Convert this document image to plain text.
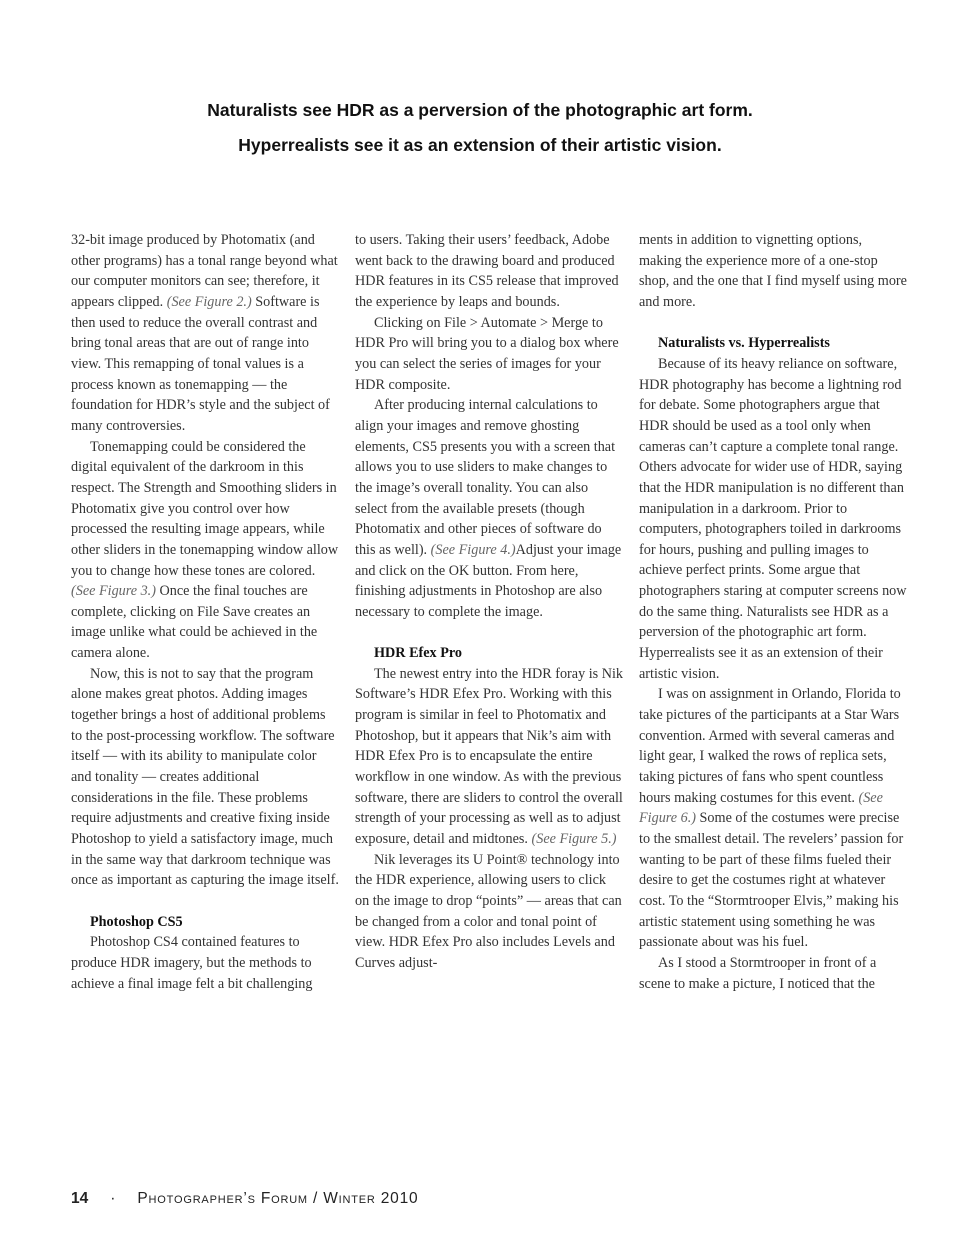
Naturalists see HDR as a perversion of the photographic art form.
Hyperrealists see it as an extension of their artistic vision.

32-bit image produced by Photomatix (and other programs) has a tonal range beyond what our computer monitors can see; therefore, it appears clipped. (See Figure 2.) Software is then used to reduce the overall contrast and bring tonal areas that are out of range into view. This remapping of tonal values is a process known as tonemapping — the foundation for HDR’s style and the subject of many controversies.

Tonemapping could be considered the digital equivalent of the darkroom in this respect. The Strength and Smoothing sliders in Photomatix give you control over how processed the resulting image appears, while other sliders in the tonemapping window allow you to change how these tones are colored. (See Figure 3.) Once the final touches are complete, clicking on File Save creates an image unlike what could be achieved in the camera alone.

Now, this is not to say that the program alone makes great photos. Adding images together brings a host of additional problems to the post-processing workflow. The software itself — with its ability to manipulate color and tonality — creates additional considerations in the file. These problems require adjustments and creative fixing inside Photoshop to yield a satisfactory image, much in the same way that darkroom technique was once as important as capturing the image itself.

Photoshop CS5

Photoshop CS4 contained features to produce HDR imagery, but the methods to achieve a final image felt a bit challenging

to users. Taking their users’ feedback, Adobe went back to the drawing board and produced HDR features in its CS5 release that improved the experience by leaps and bounds.

Clicking on File > Automate > Merge to HDR Pro will bring you to a dialog box where you can select the series of images for your HDR composite.

After producing internal calculations to align your images and remove ghosting elements, CS5 presents you with a screen that allows you to use sliders to make changes to the image’s overall tonality. You can also select from the available presets (though Photomatix and other pieces of software do this as well). (See Figure 4.)Adjust your image and click on the OK button. From here, finishing adjustments in Photoshop are also necessary to complete the image.

HDR Efex Pro

The newest entry into the HDR foray is Nik Software’s HDR Efex Pro. Working with this program is similar in feel to Photomatix and Photoshop, but it appears that Nik’s aim with HDR Efex Pro is to encapsulate the entire workflow in one window. As with the previous software, there are sliders to control the overall strength of your processing as well as to adjust exposure, detail and midtones. (See Figure 5.)

Nik leverages its U Point® technology into the HDR experience, allowing users to click on the image to drop “points” — areas that can be changed from a color and tonal point of view. HDR Efex Pro also includes Levels and Curves adjust-

ments in addition to vignetting options, making the experience more of a one-stop shop, and the one that I find myself using more and more.

Naturalists vs. Hyperrealists

Because of its heavy reliance on software, HDR photography has become a lightning rod for debate. Some photographers argue that HDR should be used as a tool only when cameras can’t capture a complete tonal range. Others advocate for wider use of HDR, saying that the HDR manipulation is no different than manipulation in a darkroom. Prior to computers, photographers toiled in darkrooms for hours, pushing and pulling images to achieve perfect prints. Some argue that photographers staring at computer screens now do the same thing. Naturalists see HDR as a perversion of the photographic art form. Hyperrealists see it as an extension of their artistic vision.

I was on assignment in Orlando, Florida to take pictures of the participants at a Star Wars convention. Armed with several cameras and light gear, I walked the rows of replica sets, taking pictures of fans who spent countless hours making costumes for this event. (See Figure 6.) Some of the costumes were precise to the smallest detail. The revelers’ passion for wanting to be part of these films fueled their desire to get the costumes right at whatever cost. To the “Stormtrooper Elvis,” making his artistic statement using something he was passionate about was his fuel.

As I stood a Stormtrooper in front of a scene to make a picture, I noticed that the

14 · Photographer’s Forum / Winter 2010
